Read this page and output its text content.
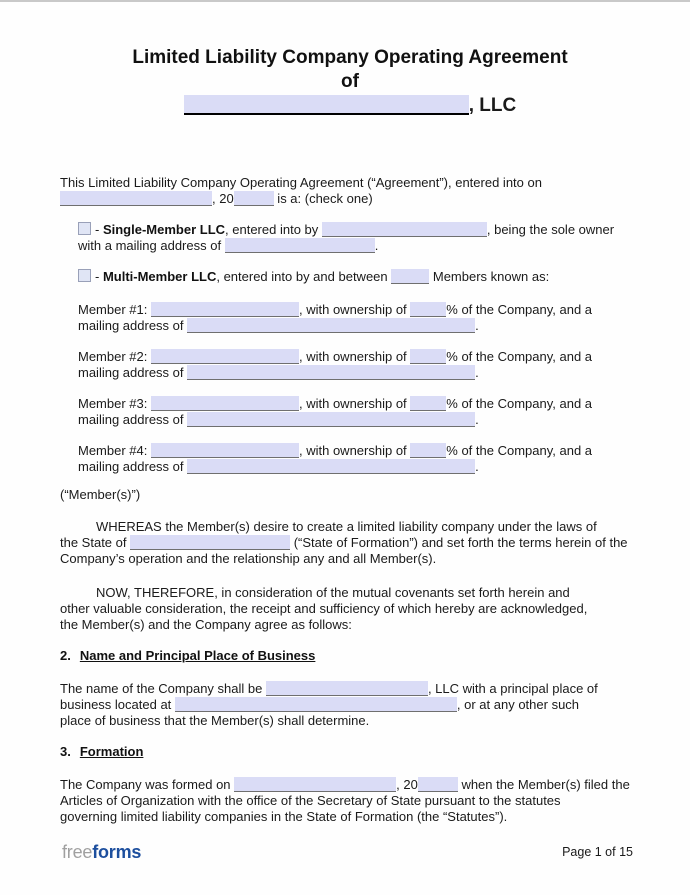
Limited Liability Company Operating Agreement

of

, LLC

This Limited Liability Company Operating Agreement (“Agreement”), entered into on
, 20	is a: (check one)

- Single-Member LLC, entered into by	, being the sole owner
with a mailing address of	.

- Multi-Member LLC, entered into by and between	Members known as:

Member #1:	, with ownership of	% of the Company, and a
mailing address of	.

Member #2:	, with ownership of	% of the Company, and a
mailing address of	.

Member #3:	, with ownership of	% of the Company, and a
mailing address of	.

Member #4:	, with ownership of	% of the Company, and a
mailing address of	.

(“Member(s)”)

WHEREAS the Member(s) desire to create a limited liability company under the laws of
the State of	(“State of Formation”) and set forth the terms herein of the
Company’s operation and the relationship any and all Member(s).

NOW, THEREFORE, in consideration of the mutual covenants set forth herein and
other valuable consideration, the receipt and sufficiency of which hereby are acknowledged,
the Member(s) and the Company agree as follows:

2. Name and Principal Place of Business

The name of the Company shall be	, LLC with a principal place of
business located at	, or at any other such
place of business that the Member(s) shall determine.

3. Formation

The Company was formed on	, 20	when the Member(s) filed the
Articles of Organization with the office of the Secretary of State pursuant to the statutes
governing limited liability companies in the State of Formation (the “Statutes”).

freeforms	Page 1 of 15
